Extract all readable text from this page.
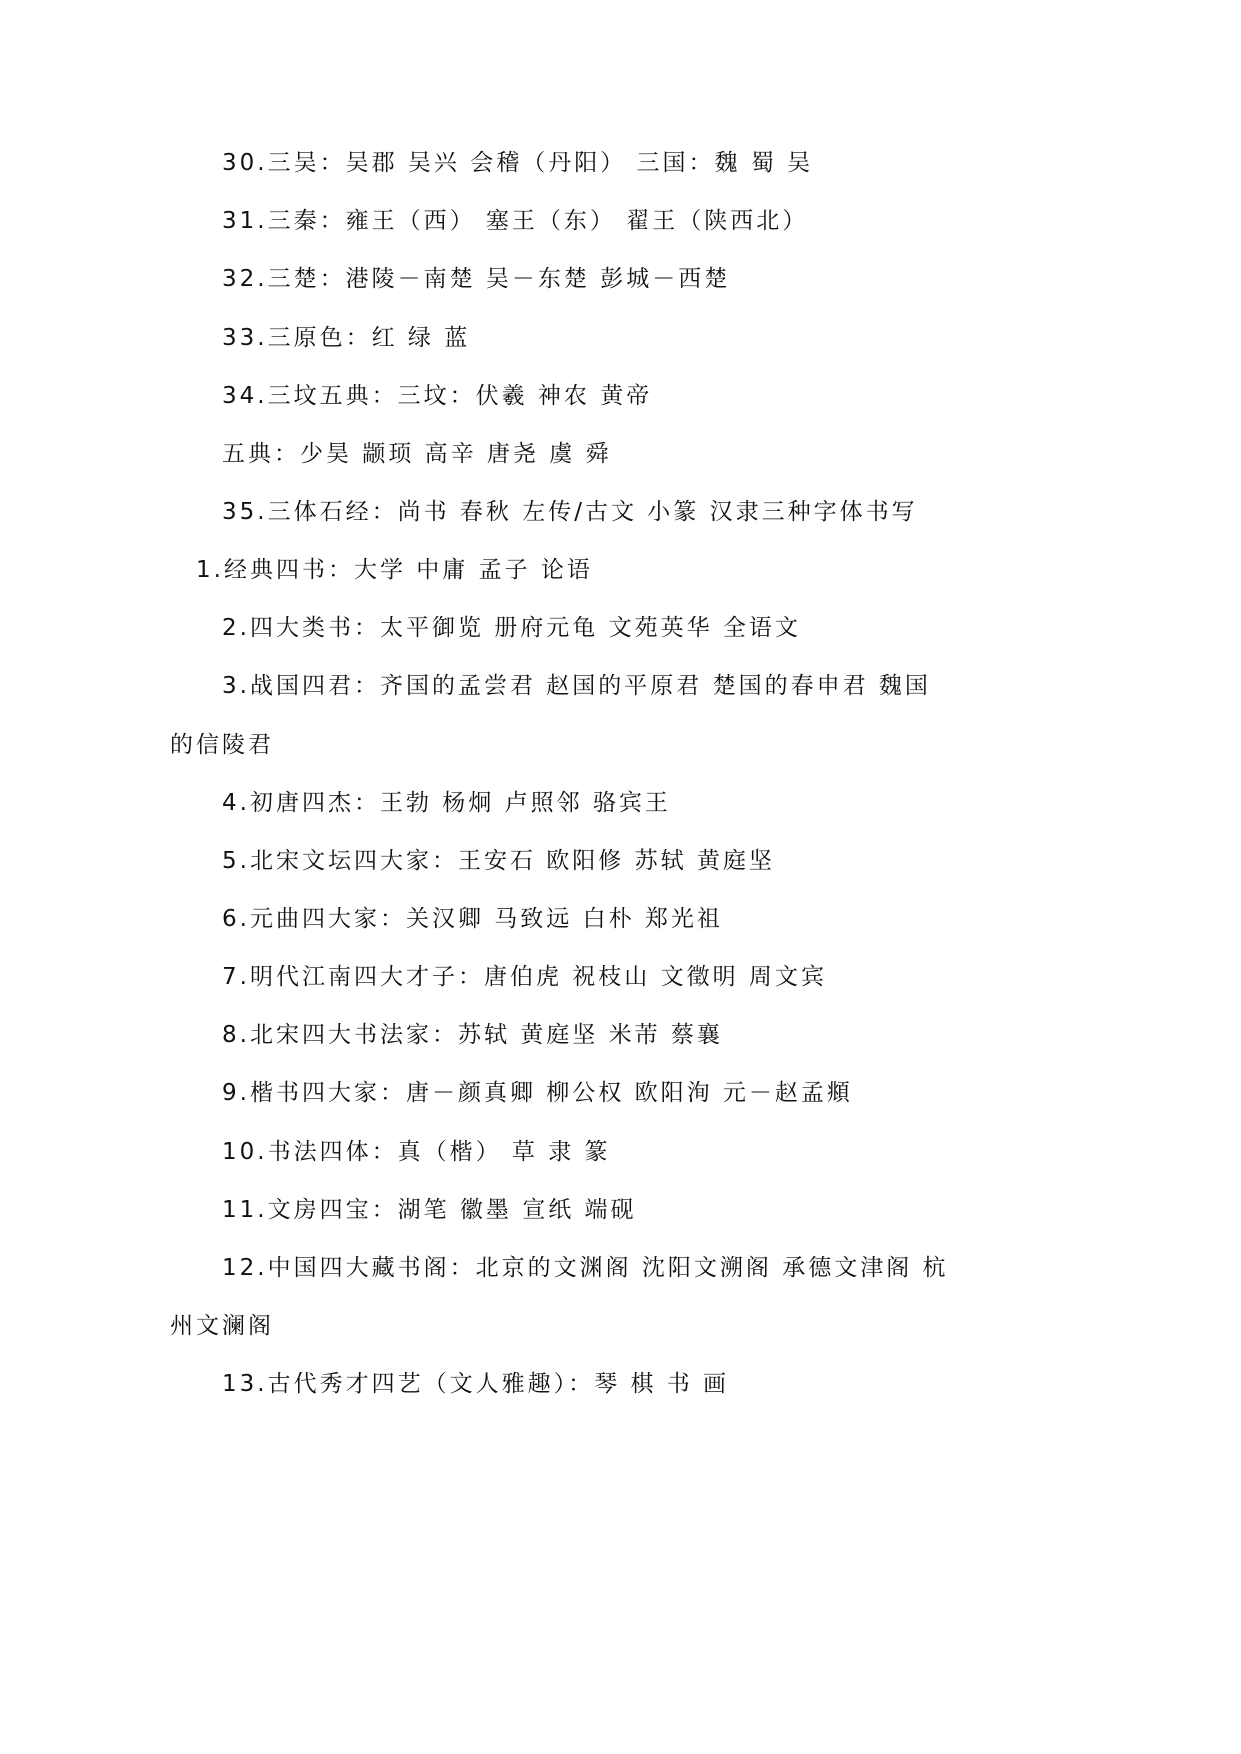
30.三吴：吴郡 吴兴 会稽（丹阳） 三国：魏 蜀 吴
31.三秦：雍王（西） 塞王（东） 翟王（陕西北）
32.三楚：港陵－南楚 吴－东楚 彭城－西楚
33.三原色：红 绿 蓝
34.三坟五典：三坟：伏羲 神农 黄帝
五典：少昊 颛顼 高辛 唐尧 虞 舜
35.三体石经：尚书 春秋 左传/古文 小篆 汉隶三种字体书写
1.经典四书：大学 中庸 孟子 论语
2.四大类书：太平御览 册府元龟 文苑英华 全语文
3.战国四君：齐国的孟尝君 赵国的平原君 楚国的春申君 魏国
的信陵君
4.初唐四杰：王勃 杨炯 卢照邻 骆宾王
5.北宋文坛四大家：王安石 欧阳修 苏轼 黄庭坚
6.元曲四大家：关汉卿 马致远 白朴 郑光祖
7.明代江南四大才子：唐伯虎 祝枝山 文徵明 周文宾
8.北宋四大书法家：苏轼 黄庭坚 米芾 蔡襄
9.楷书四大家：唐－颜真卿 柳公权 欧阳洵 元－赵孟頫
10.书法四体：真（楷） 草 隶 篆
11.文房四宝：湖笔 徽墨 宣纸 端砚
12.中国四大藏书阁：北京的文渊阁 沈阳文溯阁 承德文津阁 杭
州文澜阁
13.古代秀才四艺（文人雅趣）：琴 棋 书 画
